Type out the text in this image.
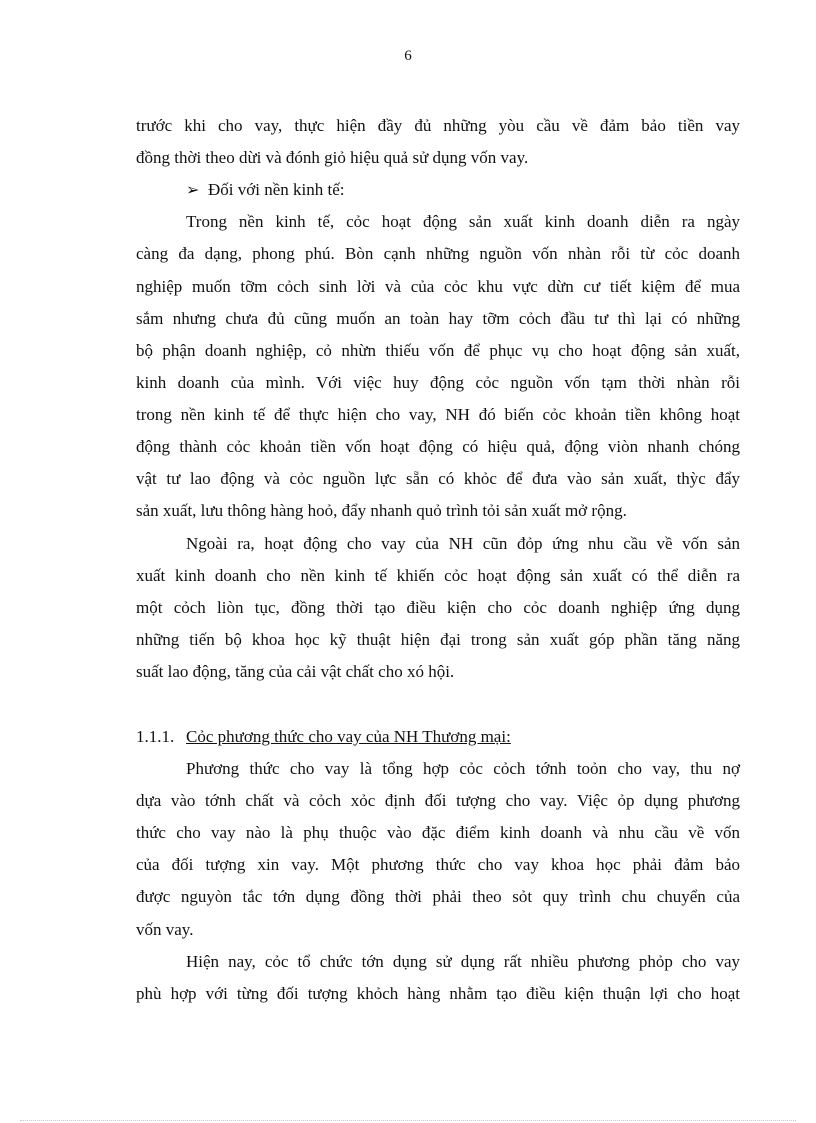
6
trước khi cho vay, thực hiện đầy đủ những yòu cầu về đảm bảo tiền vay
đồng thời theo dừi và đónh giỏ hiệu quả sử dụng vốn vay.
➢ Đối với nền kinh tế:
Trong nền kinh tế, cỏc hoạt động sản xuất kinh doanh diễn ra ngày
càng đa dạng, phong phú. Bòn cạnh những nguồn vốn nhàn rỗi từ cỏc doanh
nghiệp muốn tỡm cỏch sinh lời và của cỏc khu vực dừn cư tiết kiệm để mua
sắm nhưng chưa đủ cũng muốn an toàn hay tỡm cỏch đầu tư thì lại có những
bộ phận doanh nghiệp, cỏ nhừn thiếu vốn để phục vụ cho hoạt động sản xuất,
kinh doanh của mình. Với việc huy động cỏc nguồn vốn tạm thời nhàn rỗi
trong nền kinh tế để thực hiện cho vay, NH đó biến cỏc khoản tiền không hoạt
động thành cỏc khoản tiền vốn hoạt động có hiệu quả, động viòn nhanh chóng
vật tư lao động và cỏc nguồn lực sẵn có khỏc để đưa vào sản xuất, thỳc đẩy
sản xuất, lưu thông hàng hoỏ, đẩy nhanh quỏ trình tỏi sản xuất mở rộng.
Ngoài ra, hoạt động cho vay của NH cũn đỏp ứng nhu cầu về vốn sản
xuất kinh doanh cho nền kinh tế khiến cỏc hoạt động sản xuất có thể diễn ra
một cỏch liòn tục, đồng thời tạo điều kiện cho cỏc doanh nghiệp ứng dụng
những tiến bộ khoa học kỹ thuật hiện đại trong sản xuất góp phần tăng năng
suất lao động, tăng của cải vật chất cho xó hội.
1.1.1. Cỏc phương thức cho vay của NH Thương mại:
Phương thức cho vay là tổng hợp cỏc cỏch tớnh toỏn cho vay, thu nợ
dựa vào tớnh chất và cỏch xỏc định đối tượng cho vay. Việc ỏp dụng phương
thức cho vay nào là phụ thuộc vào đặc điểm kinh doanh và nhu cầu về vốn
của đối tượng xin vay. Một phương thức cho vay khoa học phải đảm bảo
được nguyòn tắc tớn dụng đồng thời phải theo sỏt quy trình chu chuyển của
vốn vay.
Hiện nay, cỏc tổ chức tớn dụng sử dụng rất nhiều phương phỏp cho vay
phù hợp với từng đối tượng khỏch hàng nhằm tạo điều kiện thuận lợi cho hoạt
